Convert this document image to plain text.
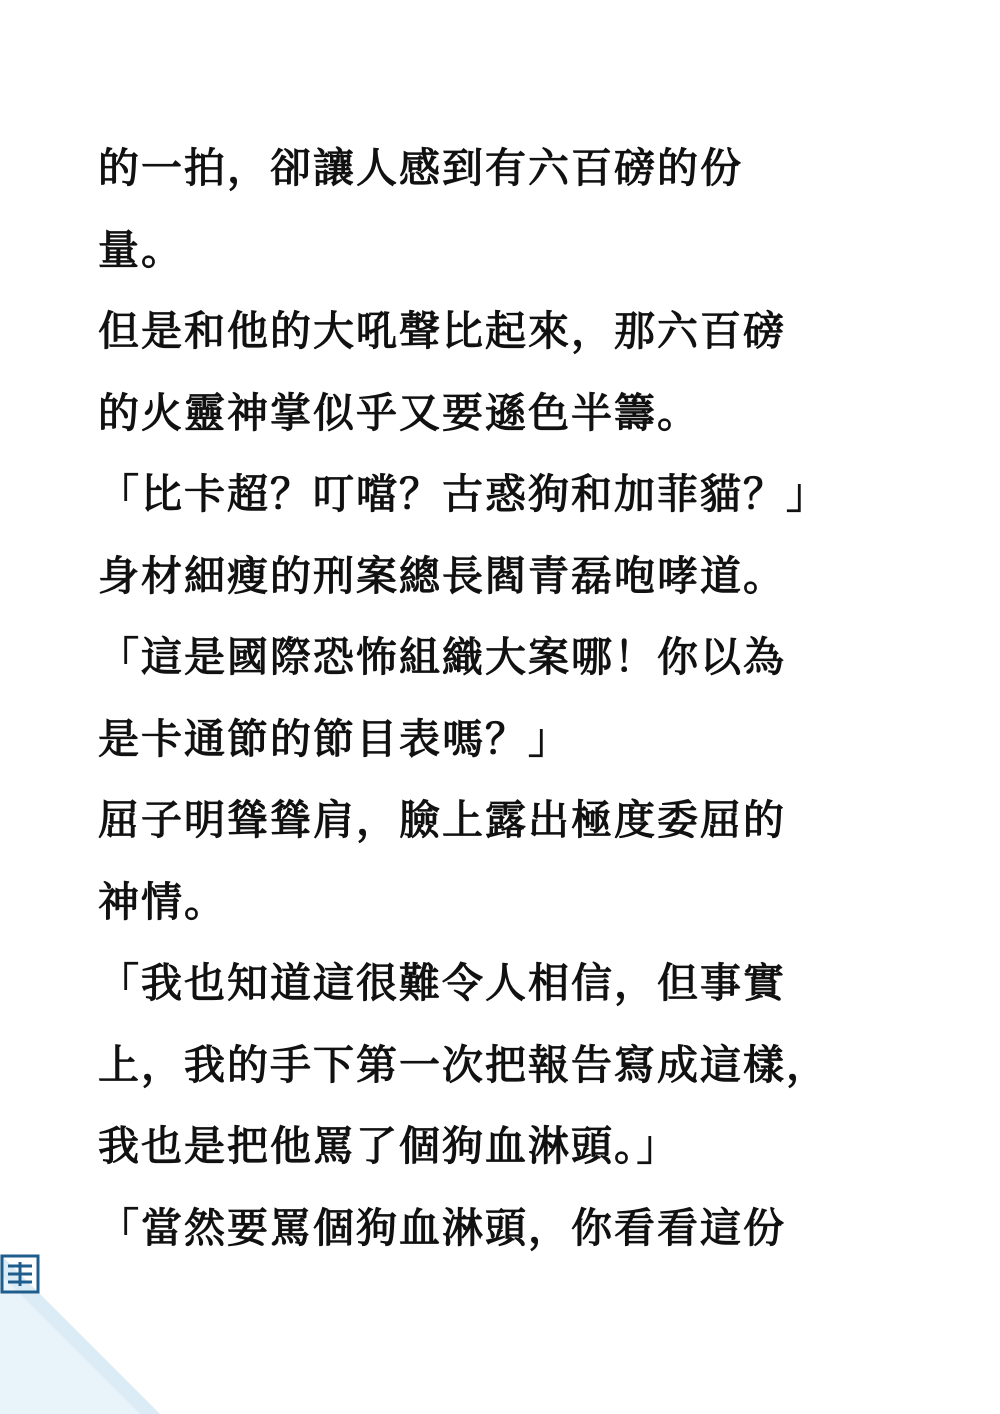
的一拍，卻讓人感到有六百磅的份
量。
但是和他的大吼聲比起來，那六百磅
的火靈神掌似乎又要遜色半籌。
「比卡超？叮噹？古惑狗和加菲貓？」
身材細瘦的刑案總長閻青磊咆哮道。
「這是國際恐怖組織大案哪！你以為
是卡通節的節目表嗎？」
屈子明聳聳肩，臉上露出極度委屈的
神情。
「我也知道這很難令人相信，但事實
上，我的手下第一次把報告寫成這樣，
我也是把他罵了個狗血淋頭。」
「當然要罵個狗血淋頭，你看看這份
